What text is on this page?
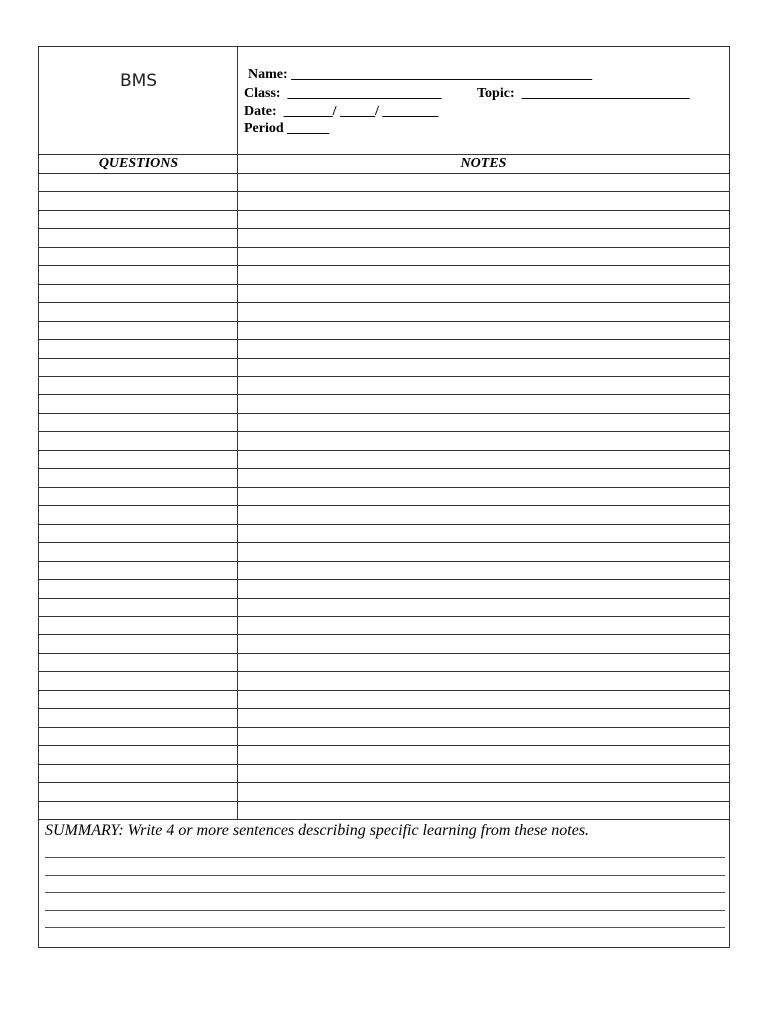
BMS	Name: ___________________________________________
Class:  ______________________	Topic:  ________________________
Date:  _______/ _____/ ________
Period ______
QUESTIONS	NOTES
SUMMARY: Write 4 or more sentences describing specific learning from these notes.
